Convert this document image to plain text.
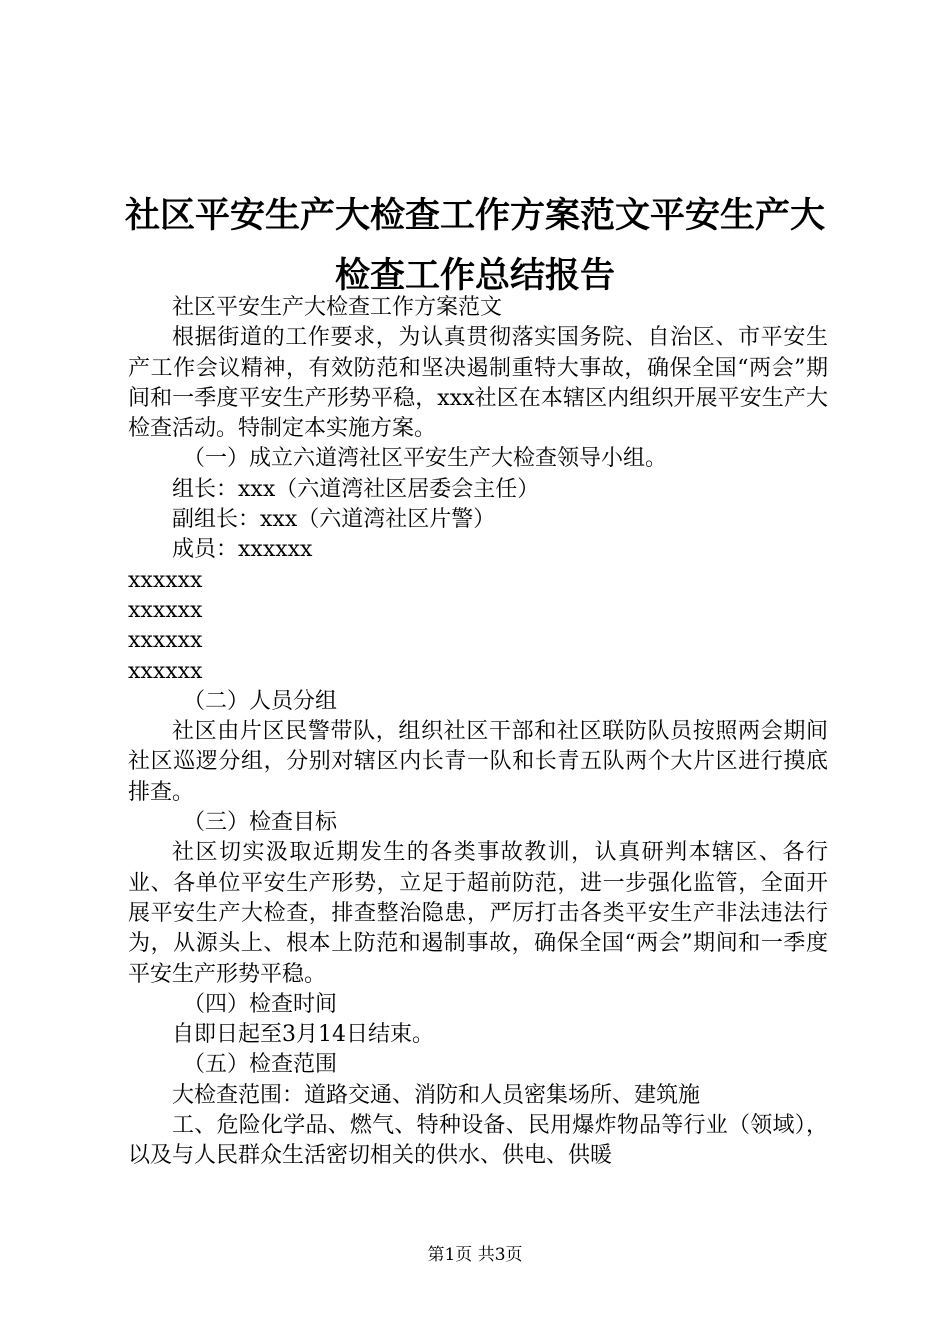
社区平安生产大检查工作方案范文平安生产大
检查工作总结报告

社区平安生产大检查工作方案范文

根据街道的工作要求，为认真贯彻落实国务院、自治区、市平安生产工作会议精神，有效防范和坚决遏制重特大事故，确保全国“两会”期间和一季度平安生产形势平稳，xxx社区在本辖区内组织开展平安生产大检查活动。特制定本实施方案。

（一）成立六道湾社区平安生产大检查领导小组。

组长：xxx（六道湾社区居委会主任）

副组长：xxx（六道湾社区片警）

成员：xxxxxx

xxxxxx

xxxxxx

xxxxxx

xxxxxx

（二）人员分组

社区由片区民警带队，组织社区干部和社区联防队员按照两会期间社区巡逻分组，分别对辖区内长青一队和长青五队两个大片区进行摸底排查。

（三）检查目标

社区切实汲取近期发生的各类事故教训，认真研判本辖区、各行业、各单位平安生产形势，立足于超前防范，进一步强化监管，全面开展平安生产大检查，排查整治隐患，严厉打击各类平安生产非法违法行为，从源头上、根本上防范和遏制事故，确保全国“两会”期间和一季度平安生产形势平稳。

（四）检查时间

自即日起至3月14日结束。

（五）检查范围

大检查范围：道路交通、消防和人员密集场所、建筑施

工、危险化学品、燃气、特种设备、民用爆炸物品等行业（领域），以及与人民群众生活密切相关的供水、供电、供暖

第1页 共3页
